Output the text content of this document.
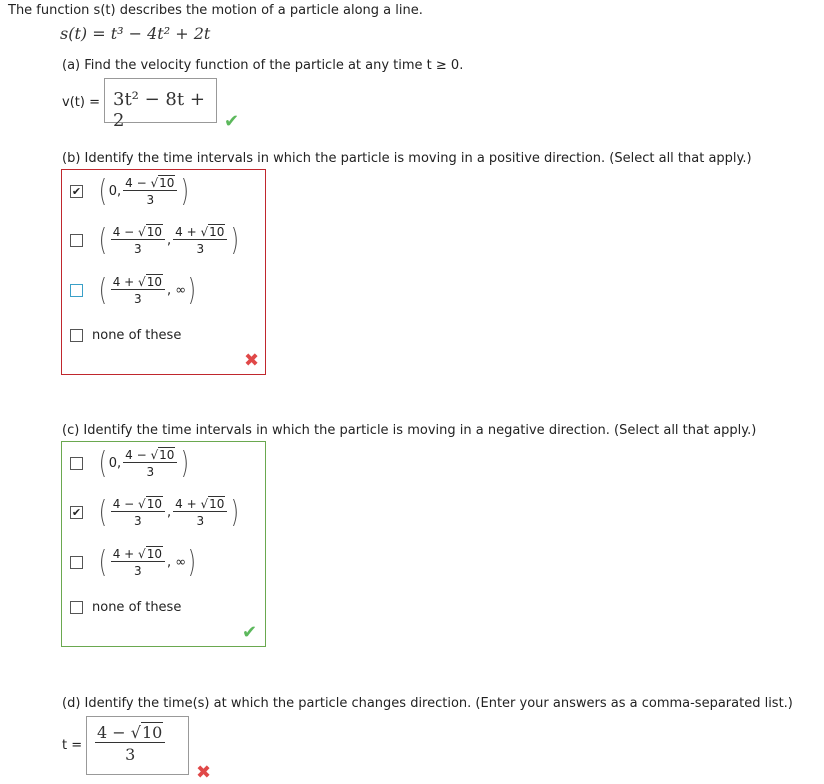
The function s(t) describes the motion of a particle along a line.
s(t) = t³ − 4t² + 2t
(a) Find the velocity function of the particle at any time t ≥ 0.
v(t) = 3t² − 8t + 2	✔
(b) Identify the time intervals in which the particle is moving in a positive direction. (Select all that apply.)
✔ ( 0, $\frac{4 - √10}{3}$ )
( $\frac{4 - √10}{3}$ , $\frac{4 + √10}{3}$ )
( $\frac{4 + √10}{3}$ ,
∞ )
none of these
✖
(c) Identify the time intervals in which the particle is moving in a negative direction. (Select all that apply.)
( 0, $\frac{4 - √10}{3}$ )
✔ ( $\frac{4 - √10}{3}$ , $\frac{4 + √10}{3}$ )
( $\frac{4 + √10}{3}$ ,
∞ )
none of these
✔
(d) Identify the time(s) at which the particle changes direction. (Enter your answers as a comma-separated list.)
$t = \frac{4 - √10}{3}$
✖
